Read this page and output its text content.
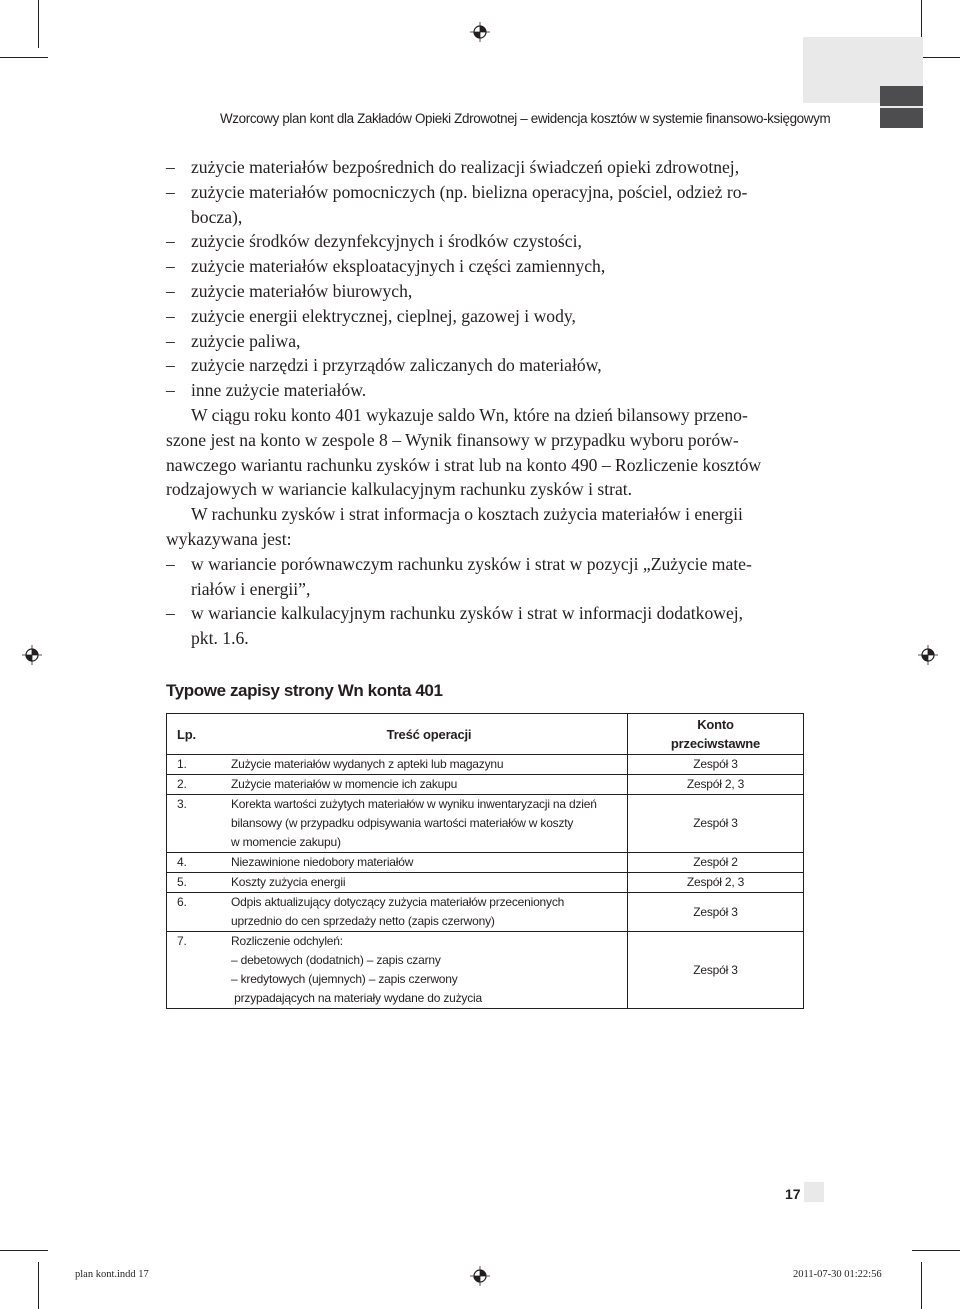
Wzorcowy plan kont dla Zakładów Opieki Zdrowotnej – ewidencja kosztów w systemie finansowo-księgowym
– zużycie materiałów bezpośrednich do realizacji świadczeń opieki zdrowotnej,
– zużycie materiałów pomocniczych (np. bielizna operacyjna, pościel, odzież ro-
bocza),
– zużycie środków dezynfekcyjnych i środków czystości,
– zużycie materiałów eksploatacyjnych i części zamiennych,
– zużycie materiałów biurowych,
– zużycie energii elektrycznej, cieplnej, gazowej i wody,
– zużycie paliwa,
– zużycie narzędzi i przyrządów zaliczanych do materiałów,
– inne zużycie materiałów.
W ciągu roku konto 401 wykazuje saldo Wn, które na dzień bilansowy przeno-
szone jest na konto w zespole 8 – Wynik finansowy w przypadku wyboru porów-
nawczego wariantu rachunku zysków i strat lub na konto 490 – Rozliczenie kosztów
rodzajowych w wariancie kalkulacyjnym rachunku zysków i strat.
W rachunku zysków i strat informacja o kosztach zużycia materiałów i energii
wykazywana jest:
– w wariancie porównawczym rachunku zysków i strat w pozycji „Zużycie mate-
riałów i energii”,
– w wariancie kalkulacyjnym rachunku zysków i strat w informacji dodatkowej,
pkt. 1.6.
Typowe zapisy strony Wn konta 401
Lp.	Treść operacji	Konto
przeciwstawne

1.	Zużycie materiałów wydanych z apteki lub magazynu	Zespół 3

2.	Zużycie materiałów w momencie ich zakupu	Zespół 2, 3

3.	Korekta wartości zużytych materiałów w wyniku inwentaryzacji na dzień
bilansowy (w przypadku odpisywania wartości materiałów w koszty
w momencie zakupu)	Zespół 3

4.	Niezawinione niedobory materiałów	Zespół 2

5.	Koszty zużycia energii	Zespół 2, 3

6.	Odpis aktualizujący dotyczący zużycia materiałów przecenionych
uprzednio do cen sprzedaży netto (zapis czerwony)	Zespół 3

7.	Rozliczenie odchyleń:
– debetowych (dodatnich) – zapis czarny
– kredytowych (ujemnych) – zapis czerwony
przypadających na materiały wydane do zużycia	Zespół 3
17
plan kont.indd 17	2011-07-30 01:22:56
